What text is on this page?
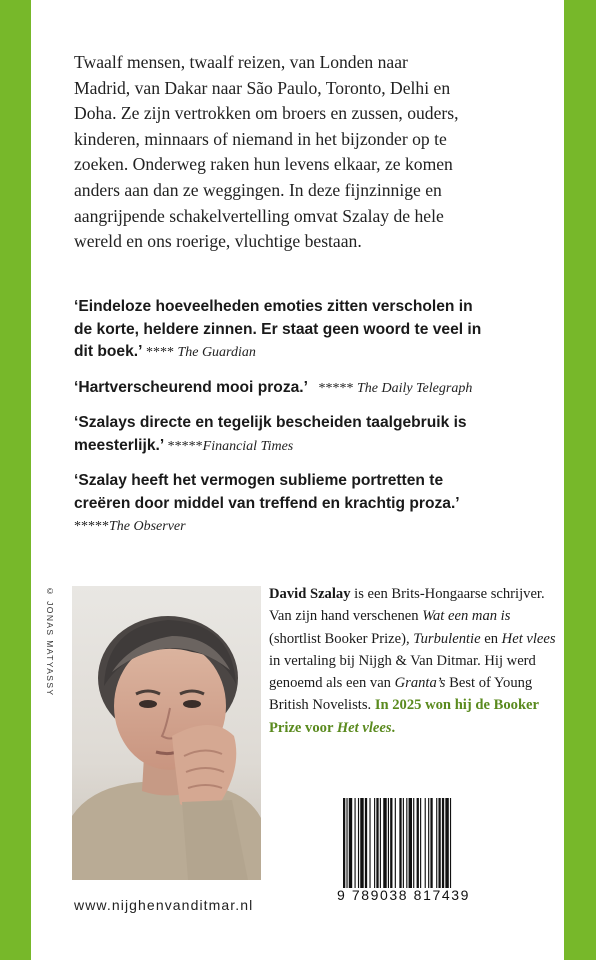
Twaalf mensen, twaalf reizen, van Londen naar
Madrid, van Dakar naar São Paulo, Toronto, Delhi en
Doha. Ze zijn vertrokken om broers en zussen, ouders,
kinderen, minnaars of niemand in het bijzonder op te
zoeken. Onderweg raken hun levens elkaar, ze komen
anders aan dan ze weggingen. In deze fijnzinnige en
aangrijpende schakelvertelling omvat Szalay de hele
wereld en ons roerige, vluchtige bestaan.

‘Eindeloze hoeveelheden emoties zitten verscholen in
de korte, heldere zinnen. Er staat geen woord te veel in
dit boek.’ **** The Guardian

‘Hartverscheurend mooi proza.’ ***** The Daily Telegraph

‘Szalays directe en tegelijk bescheiden taalgebruik is
meesterlijk.’ *****Financial Times

‘Szalay heeft het vermogen sublieme portretten te
creëren door middel van treffend en krachtig proza.’
*****The Observer

© JONAS MATYASSY	David Szalay is een Brits-Hongaarse schrijver. Van zijn hand verschenen Wat een man is (shortlist Booker Prize), Turbulentie en Het vlees in vertaling bij Nijgh & Van Ditmar. Hij werd genoemd als een van Granta’s Best of Young British Novelists. In 2025 won hij de Booker Prize voor Het vlees.

9 789038 817439
www.nijghenvanditmar.nl
